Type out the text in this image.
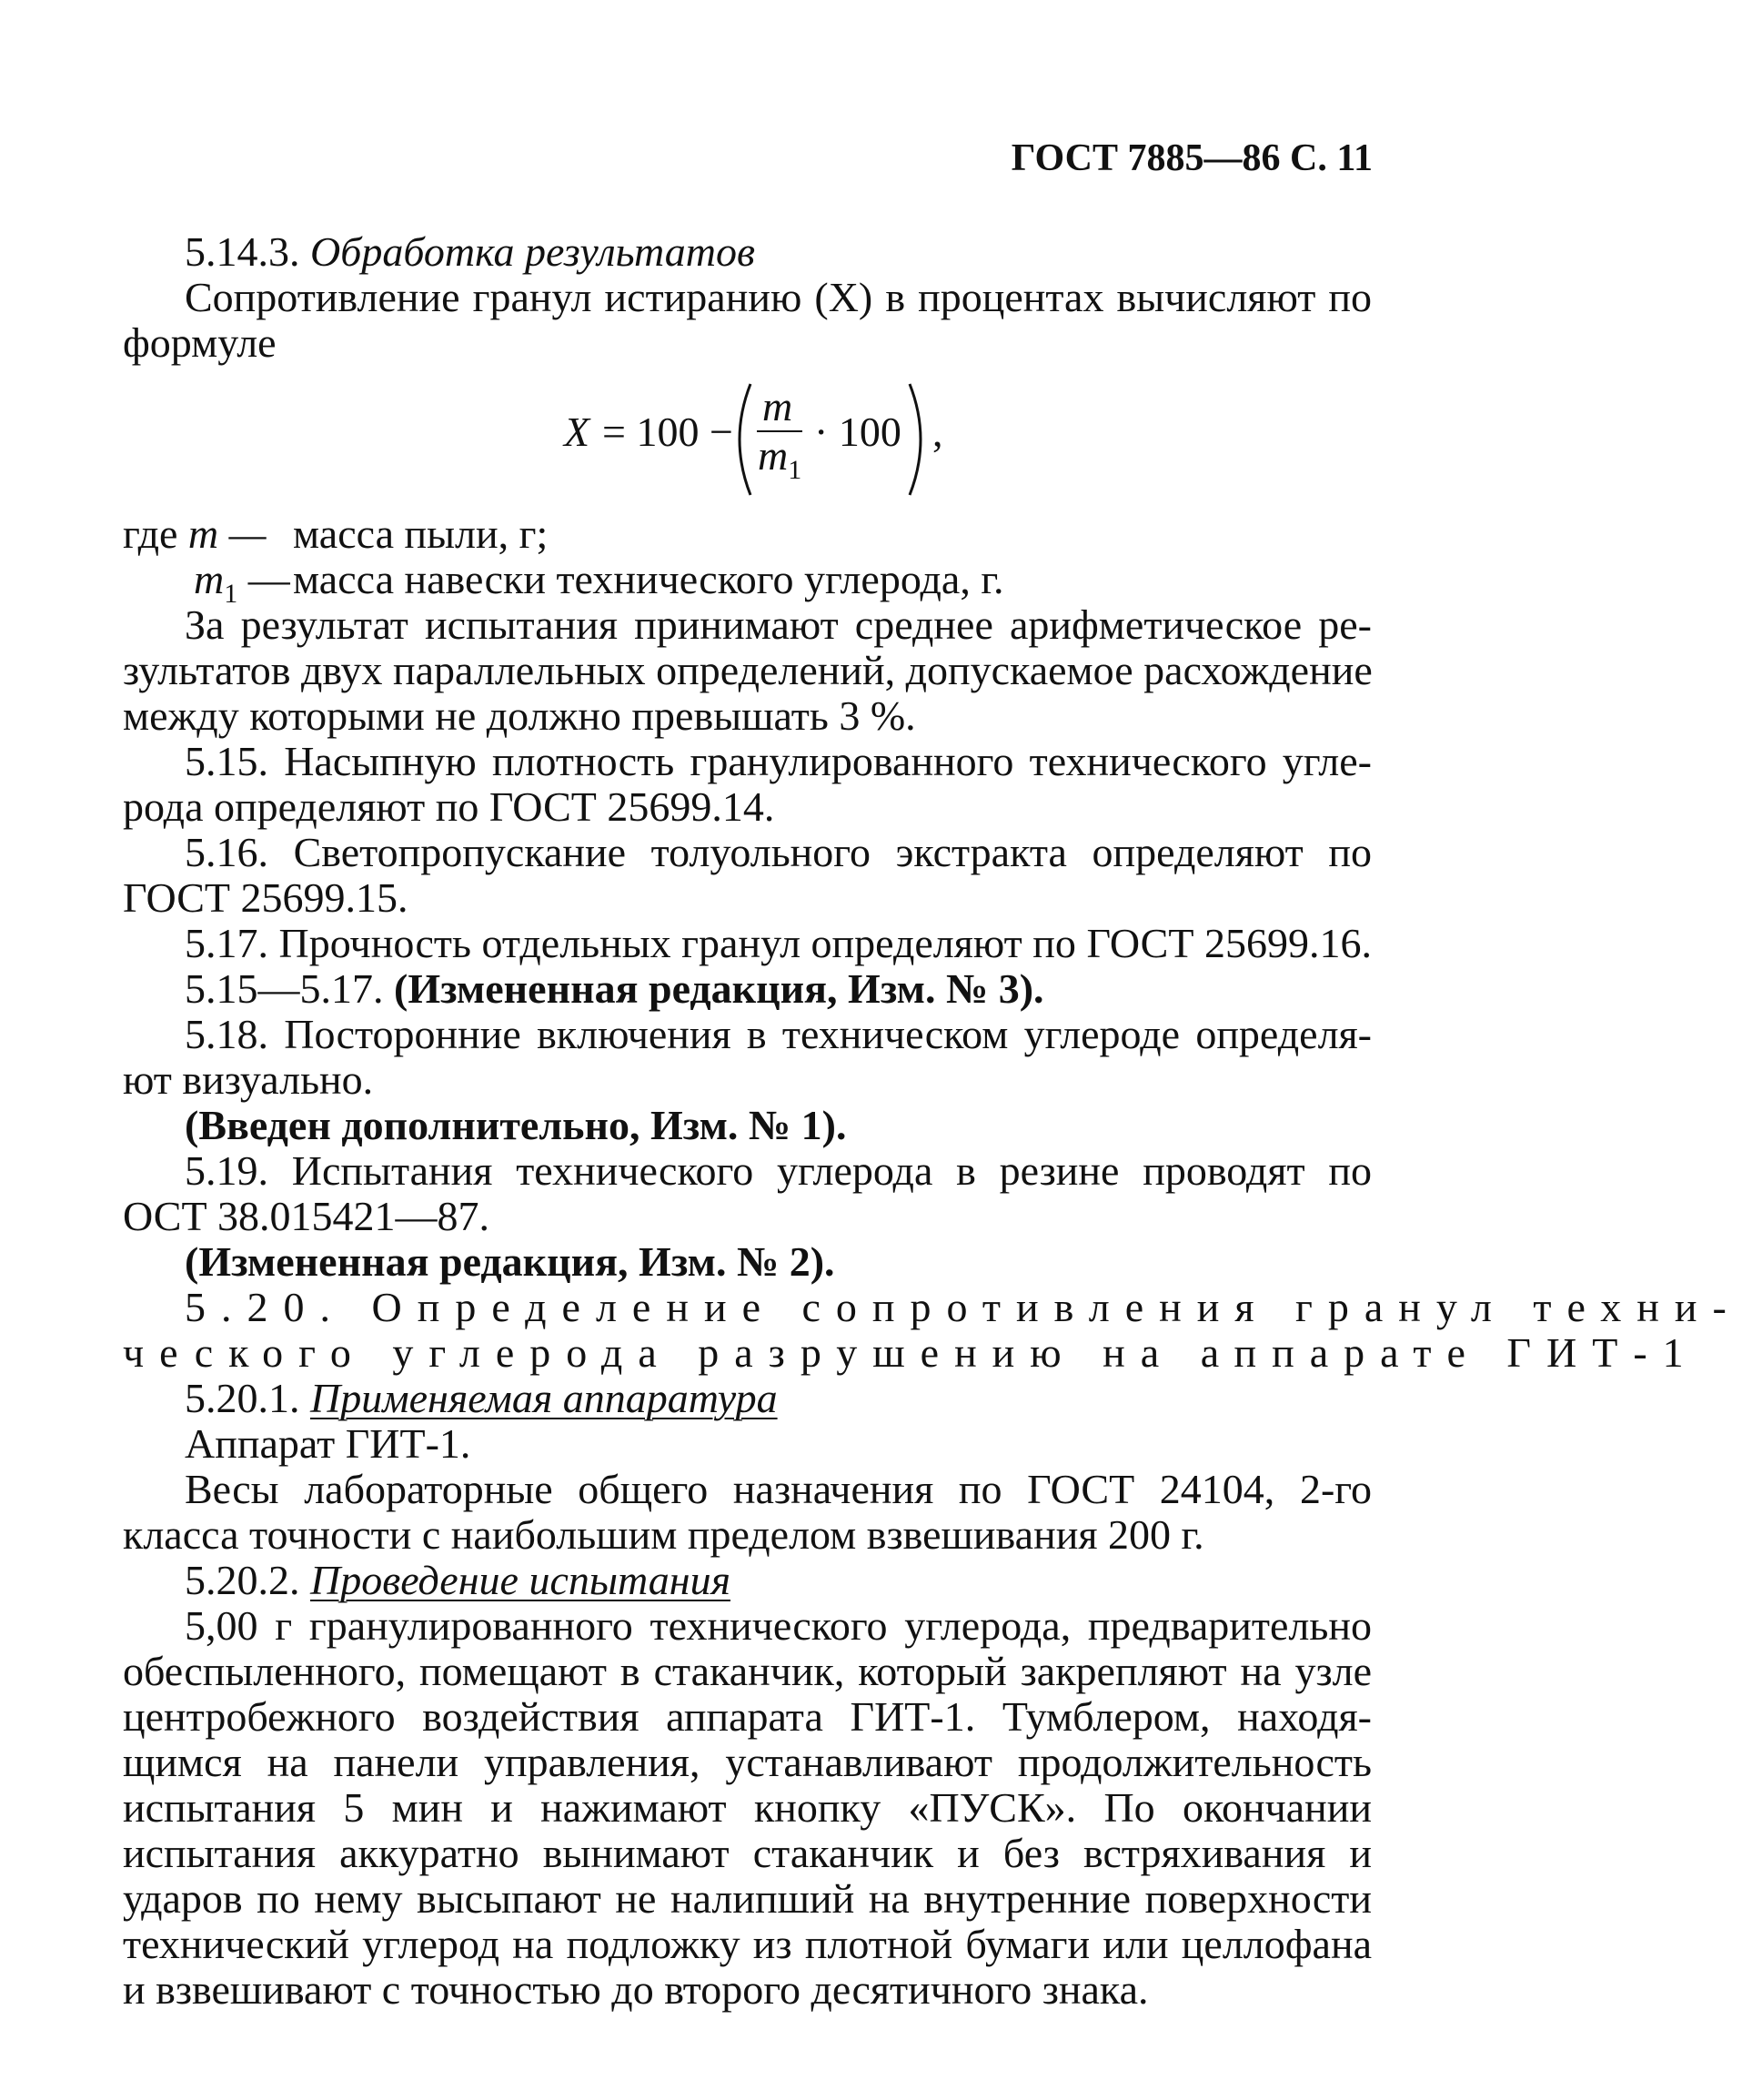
ГОСТ 7885—86 С. 11
5.14.3. Обработка результатов
Сопротивление гранул истиранию (X) в процентах вычисляют по
формуле
X = 100 −
m
$m_1$
· 100 ,
где m — масса пыли, г;
$m_1$ — масса навески технического углерода, г.
За результат испытания принимают среднее арифметическое ре-
зультатов двух параллельных определений, допускаемое расхождение
между которыми не должно превышать 3 %.
5.15. Насыпную плотность гранулированного технического угле-
рода определяют по ГОСТ 25699.14.
5.16. Светопропускание толуольного экстракта определяют по
ГОСТ 25699.15.
5.17. Прочность отдельных гранул определяют по ГОСТ 25699.16.
5.15—5.17. (Измененная редакция, Изм. № 3).
5.18. Посторонние включения в техническом углероде определя-
ют визуально.
(Введен дополнительно, Изм. № 1).
5.19. Испытания технического углерода в резине проводят по
ОСТ 38.015421—87.
(Измененная редакция, Изм. № 2).
5.20. Определение сопротивления гранул техни-
ческого углерода разрушению на аппарате ГИТ-1
5.20.1. Применяемая аппаратура
Аппарат ГИТ-1.
Весы лабораторные общего назначения по ГОСТ 24104, 2-го
класса точности с наибольшим пределом взвешивания 200 г.
5.20.2. Проведение испытания
5,00 г гранулированного технического углерода, предварительно
обеспыленного, помещают в стаканчик, который закрепляют на узле
центробежного воздействия аппарата ГИТ-1. Тумблером, находя-
щимся на панели управления, устанавливают продолжительность
испытания 5 мин и нажимают кнопку «ПУСК». По окончании
испытания аккуратно вынимают стаканчик и без встряхивания и
ударов по нему высыпают не налипший на внутренние поверхности
технический углерод на подложку из плотной бумаги или целлофана
и взвешивают с точностью до второго десятичного знака.
